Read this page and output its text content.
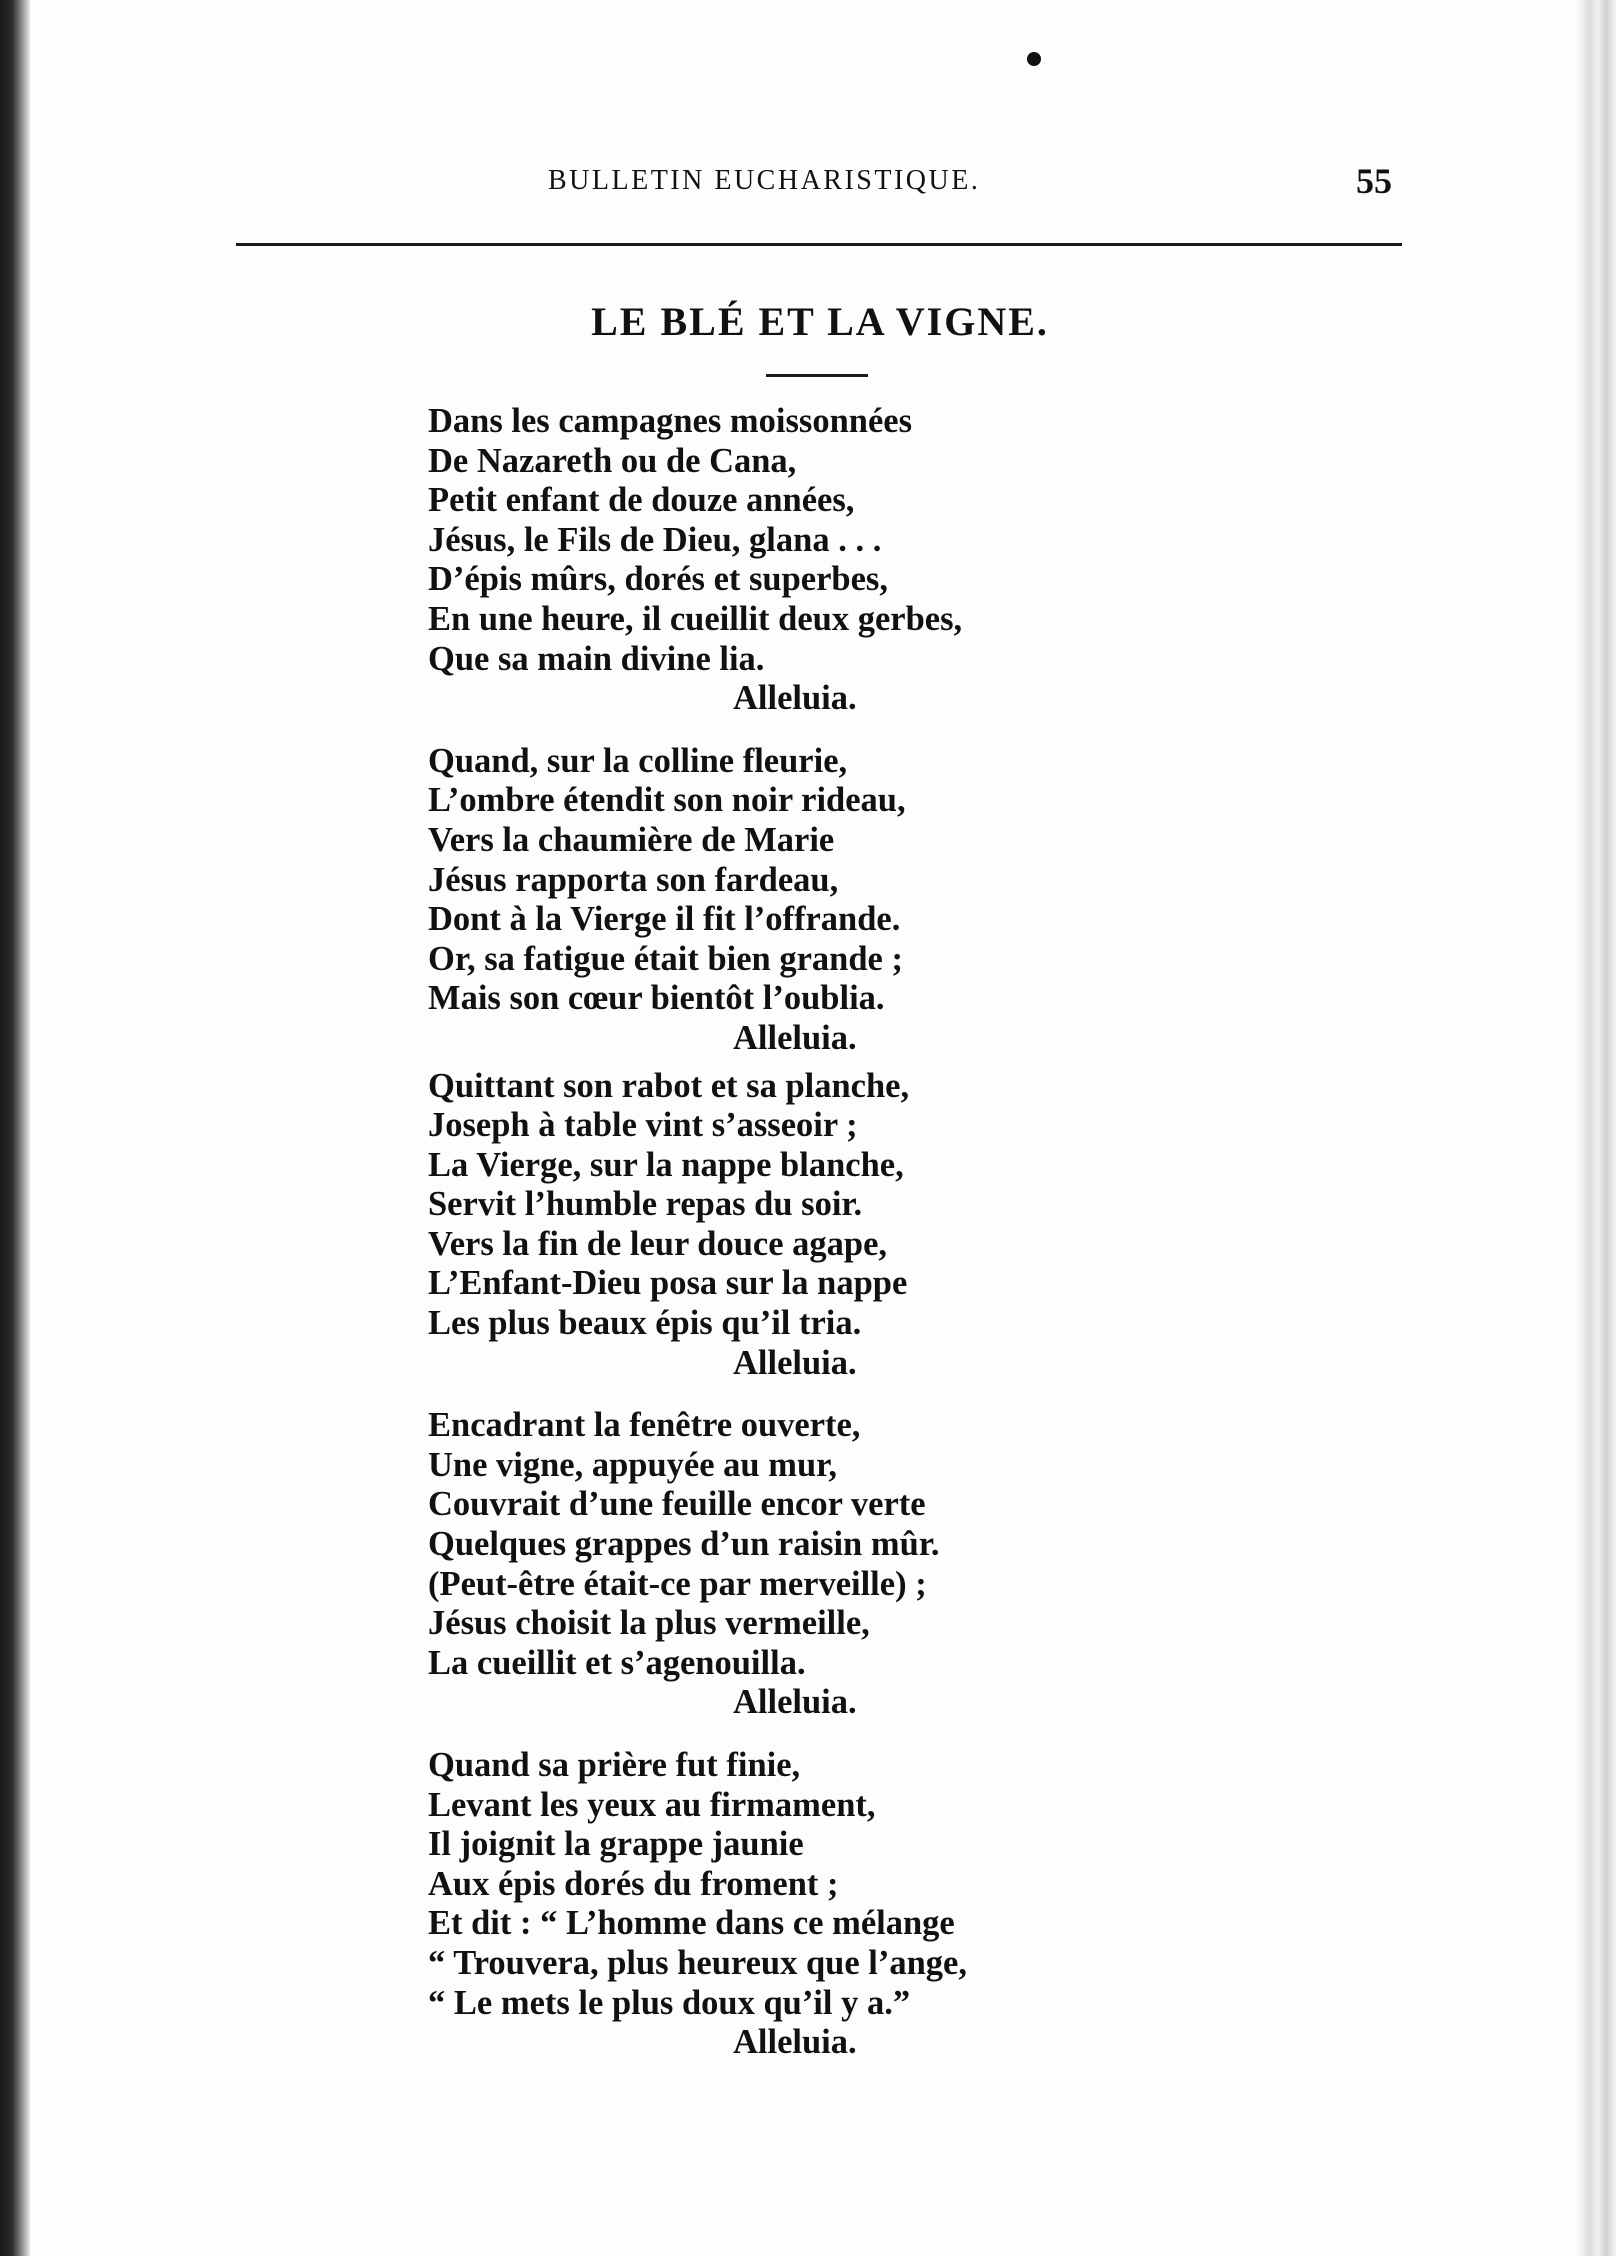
BULLETIN EUCHARISTIQUE.	55
LE BLÉ ET LA VIGNE.
Dans les campagnes moissonnées
De Nazareth ou de Cana,
Petit enfant de douze années,
Jésus, le Fils de Dieu, glana . . .
D’épis mûrs, dorés et superbes,
En une heure, il cueillit deux gerbes,
Que sa main divine lia.
Alleluia.
Quand, sur la colline fleurie,
L’ombre étendit son noir rideau,
Vers la chaumière de Marie
Jésus rapporta son fardeau,
Dont à la Vierge il fit l’offrande.
Or, sa fatigue était bien grande ;
Mais son cœur bientôt l’oublia.
Alleluia.
Quittant son rabot et sa planche,
Joseph à table vint s’asseoir ;
La Vierge, sur la nappe blanche,
Servit l’humble repas du soir.
Vers la fin de leur douce agape,
L’Enfant-Dieu posa sur la nappe
Les plus beaux épis qu’il tria.
Alleluia.
Encadrant la fenêtre ouverte,
Une vigne, appuyée au mur,
Couvrait d’une feuille encor verte
Quelques grappes d’un raisin mûr.
(Peut-être était-ce par merveille) ;
Jésus choisit la plus vermeille,
La cueillit et s’agenouilla.
Alleluia.
Quand sa prière fut finie,
Levant les yeux au firmament,
Il joignit la grappe jaunie
Aux épis dorés du froment ;
Et dit : “ L’homme dans ce mélange
“ Trouvera, plus heureux que l’ange,
“ Le mets le plus doux qu’il y a.”
Alleluia.
